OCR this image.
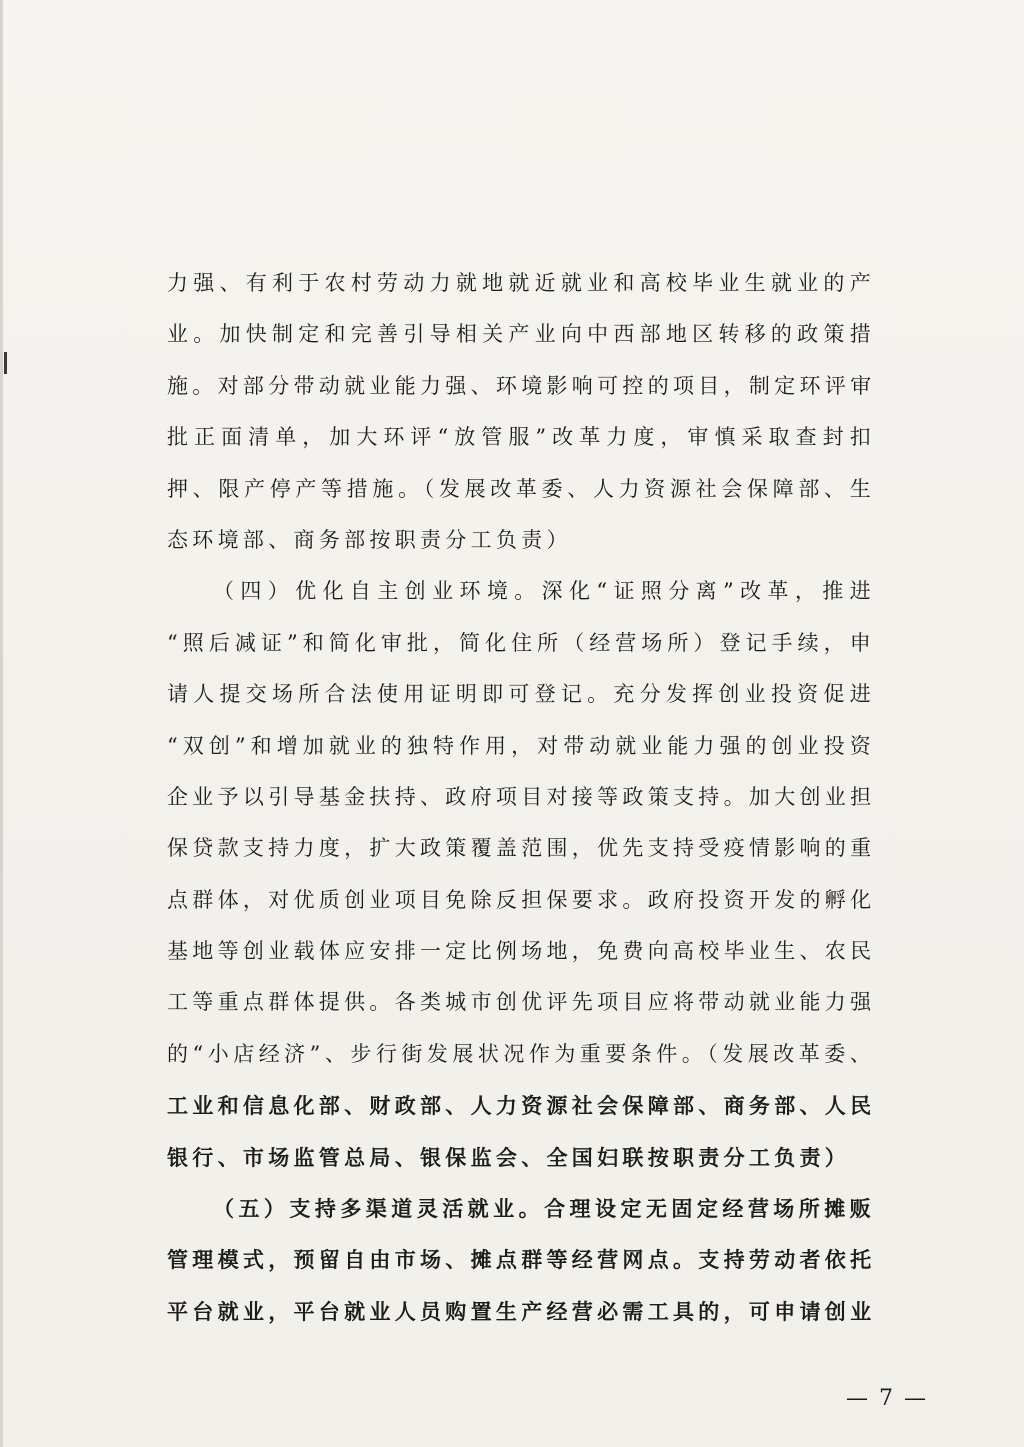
力强、有利于农村劳动力就地就近就业和高校毕业生就业的产
业。加快制定和完善引导相关产业向中西部地区转移的政策措
施。对部分带动就业能力强、环境影响可控的项目，制定环评审
批正面清单，加大环评“放管服”改革力度，审慎采取查封扣
押、限产停产等措施。（发展改革委、人力资源社会保障部、生
态环境部、商务部按职责分工负责）
（四）优化自主创业环境。深化“证照分离”改革，推进
“照后减证”和简化审批，简化住所（经营场所）登记手续，申
请人提交场所合法使用证明即可登记。充分发挥创业投资促进
“双创”和增加就业的独特作用，对带动就业能力强的创业投资
企业予以引导基金扶持、政府项目对接等政策支持。加大创业担
保贷款支持力度，扩大政策覆盖范围，优先支持受疫情影响的重
点群体，对优质创业项目免除反担保要求。政府投资开发的孵化
基地等创业载体应安排一定比例场地，免费向高校毕业生、农民
工等重点群体提供。各类城市创优评先项目应将带动就业能力强
的“小店经济”、步行街发展状况作为重要条件。（发展改革委、
工业和信息化部、财政部、人力资源社会保障部、商务部、人民
银行、市场监管总局、银保监会、全国妇联按职责分工负责）
（五）支持多渠道灵活就业。合理设定无固定经营场所摊贩
管理模式，预留自由市场、摊点群等经营网点。支持劳动者依托
平台就业，平台就业人员购置生产经营必需工具的，可申请创业
— 7 —
